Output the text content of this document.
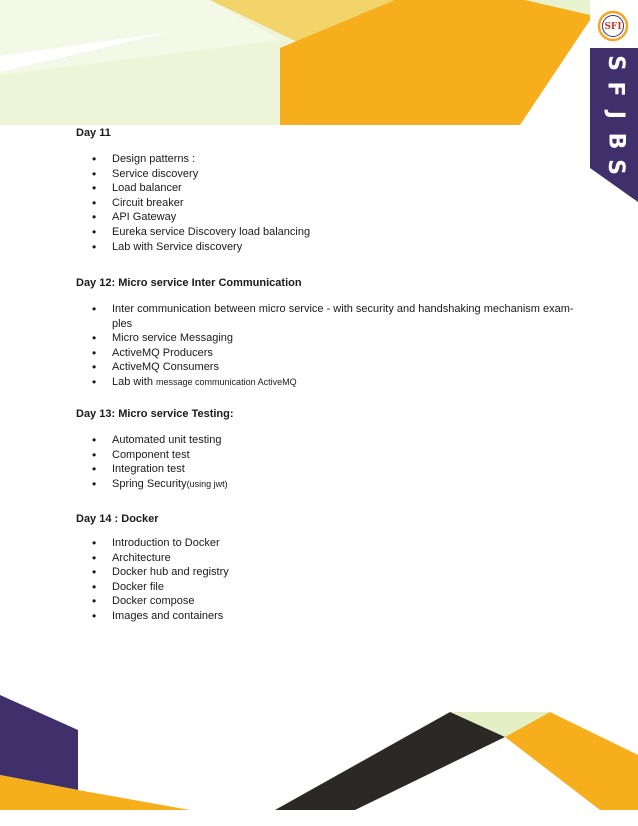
SFI
S
F
J
B
S

Day 11

• Design patterns :
• Service discovery
• Load balancer
• Circuit breaker
• API Gateway
• Eureka service Discovery load balancing
• Lab with Service discovery

Day 12: Micro service Inter Communication

• Inter communication between micro service - with security and handshaking mechanism exam-
ples
• Micro service Messaging
• ActiveMQ Producers
• ActiveMQ Consumers
• Lab with message communication ActiveMQ

Day 13: Micro service Testing:

• Automated unit testing
• Component test
• Integration test
• Spring Security(using jwt)

Day 14 : Docker

• Introduction to Docker
• Architecture
• Docker hub and registry
• Docker file
• Docker compose
• Images and containers
